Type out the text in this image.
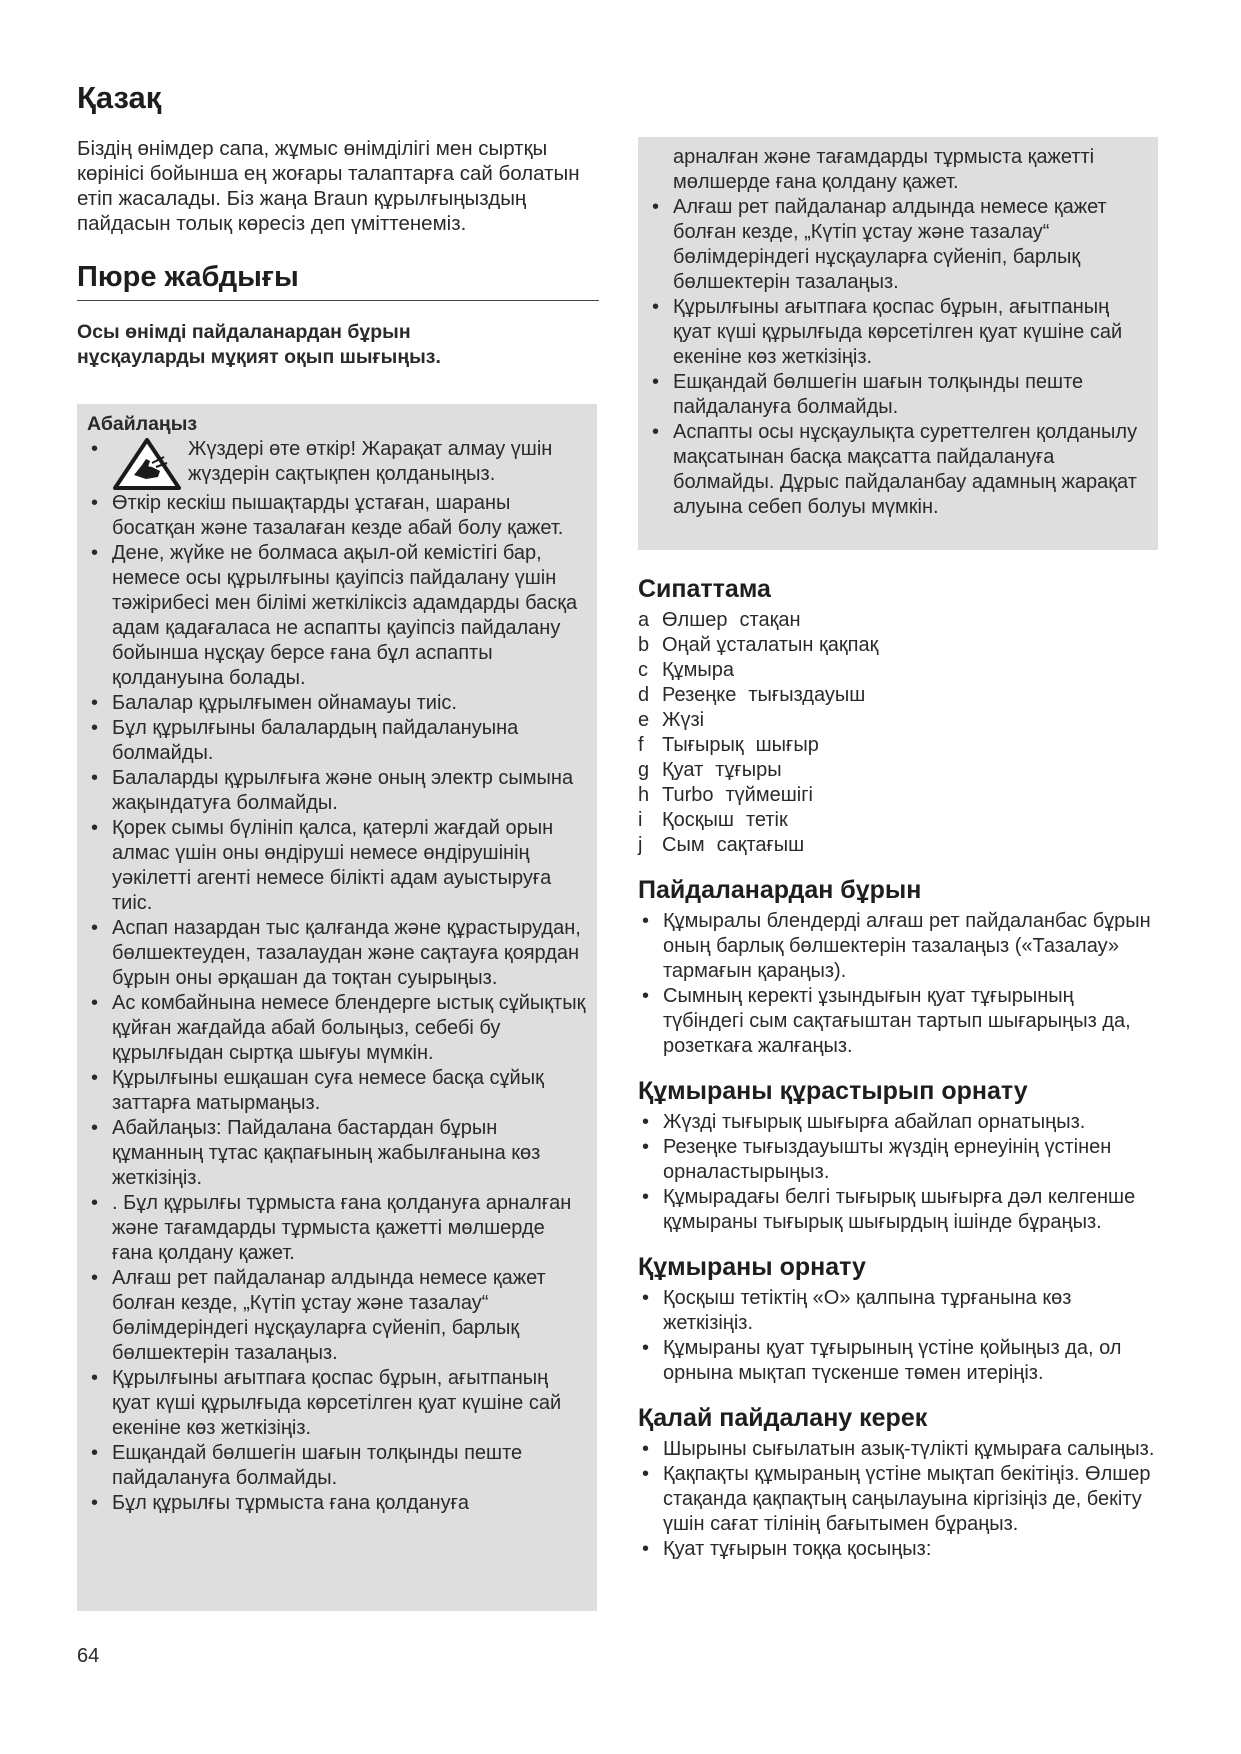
Қазақ

Біздің өнімдер сапа, жұмыс өнімділігі мен сыртқы көрінісі бойынша ең жоғары талаптарға сай болатын етіп жасалады. Біз жаңа Braun құрылғыңыздың пайдасын толық көресіз деп үміттенеміз.

Пюре жабдығы

Осы өнімді пайдаланардан бұрын нұсқауларды мұқият оқып шығыңыз.

Абайлаңыз
• Жүздері өте өткір! Жарақат алмау үшін жүздерін сақтықпен қолданыңыз.
• Өткір кескіш пышақтарды ұстаған, шараны босатқан және тазалаған кезде абай болу қажет.
• Дене, жүйке не болмаса ақыл-ой кемістігі бар, немесе осы құрылғыны қауіпсіз пайдалану үшін тәжірибесі мен білімі жеткіліксіз адамдарды басқа адам қадағаласа не аспапты қауіпсіз пайдалану бойынша нұсқау берсе ғана бұл аспапты қолдануына болады.
• Балалар құрылғымен ойнамауы тиіс.
• Бұл құрылғыны балалардың пайдалануына болмайды.
• Балаларды құрылғыға және оның электр сымына жақындатуға болмайды.
• Қорек сымы бүлініп қалса, қатерлі жағдай орын алмас үшін оны өндіруші немесе өндірушінің уәкілетті агенті немесе білікті адам ауыстыруға тиіс.
• Аспап назардан тыс қалғанда және құрастырудан, бөлшектеуден, тазалаудан және сақтауға қоярдан бұрын оны әрқашан да тоқтан суырыңыз.
• Ас комбайнына немесе блендерге ыстық сұйықтық құйған жағдайда абай болыңыз, себебі бу құрылғыдан сыртқа шығуы мүмкін.
• Құрылғыны ешқашан суға немесе басқа сұйық заттарға матырмаңыз.
• Абайлаңыз: Пайдалана бастардан бұрын құманның тұтас қақпағының жабылғанына көз жеткізіңіз.
• . Бұл құрылғы тұрмыста ғана қолдануға арналған және тағамдарды тұрмыста қажетті мөлшерде ғана қолдану қажет.
• Алғаш рет пайдаланар алдында немесе қажет болған кезде, „Күтіп ұстау және тазалау“ бөлімдеріндегі нұсқауларға сүйеніп, барлық бөлшектерін тазалаңыз.
• Құрылғыны ағытпаға қоспас бұрын, ағытпаның қуат күші құрылғыда көрсетілген қуат күшіне сай екеніне көз жеткізіңіз.
• Ешқандай бөлшегін шағын толқынды пеште пайдалануға болмайды.
• Бұл құрылғы тұрмыста ғана қолдануға
арналған және тағамдарды тұрмыста қажетті мөлшерде ғана қолдану қажет.
• Алғаш рет пайдаланар алдында немесе қажет болған кезде, „Күтіп ұстау және тазалау“ бөлімдеріндегі нұсқауларға сүйеніп, барлық бөлшектерін тазалаңыз.
• Құрылғыны ағытпаға қоспас бұрын, ағытпаның қуат күші құрылғыда көрсетілген қуат күшіне сай екеніне көз жеткізіңіз.
• Ешқандай бөлшегін шағын толқынды пеште пайдалануға болмайды.
• Аспапты осы нұсқаулықта суреттелген қолданылу мақсатынан басқа мақсатта пайдалануға болмайды. Дұрыс пайдаланбау адамның жарақат алуына себеп болуы мүмкін.
Сипаттама
a Өлшер стақан
b Оңай ұсталатын қақпақ
c Құмыра
d Резеңке тығыздауыш
e Жүзі
f Тығырық шығыр
g Қуат тұғыры
h Turbo түймешігі
i Қосқыш тетік
j Сым сақтағыш
Пайдаланардан бұрын
• Құмыралы блендерді алғаш рет пайдаланбас бұрын оның барлық бөлшектерін тазалаңыз («Тазалау» тармағын қараңыз).
• Сымның керекті ұзындығын қуат тұғырының түбіндегі сым сақтағыштан тартып шығарыңыз да, розеткаға жалғаңыз.
Құмыраны құрастырып орнату
• Жүзді тығырық шығырға абайлап орнатыңыз.
• Резеңке тығыздауышты жүздің ернеуінің үстінен орналастырыңыз.
• Құмырадағы белгі тығырық шығырға дәл келгенше құмыраны тығырық шығырдың ішінде бұраңыз.
Құмыраны орнату
• Қосқыш тетіктің «O» қалпына тұрғанына көз жеткізіңіз.
• Құмыраны қуат тұғырының үстіне қойыңыз да, ол орнына мықтап түскенше төмен итеріңіз.
Қалай пайдалану керек
• Шырыны сығылатын азық-түлікті құмыраға салыңыз.
• Қақпақты құмыраның үстіне мықтап бекітіңіз. Өлшер стақанда қақпақтың саңылауына кіргізіңіз де, бекіту үшін сағат тілінің бағытымен бұраңыз.
• Қуат тұғырын тоққа қосыңыз:
64
